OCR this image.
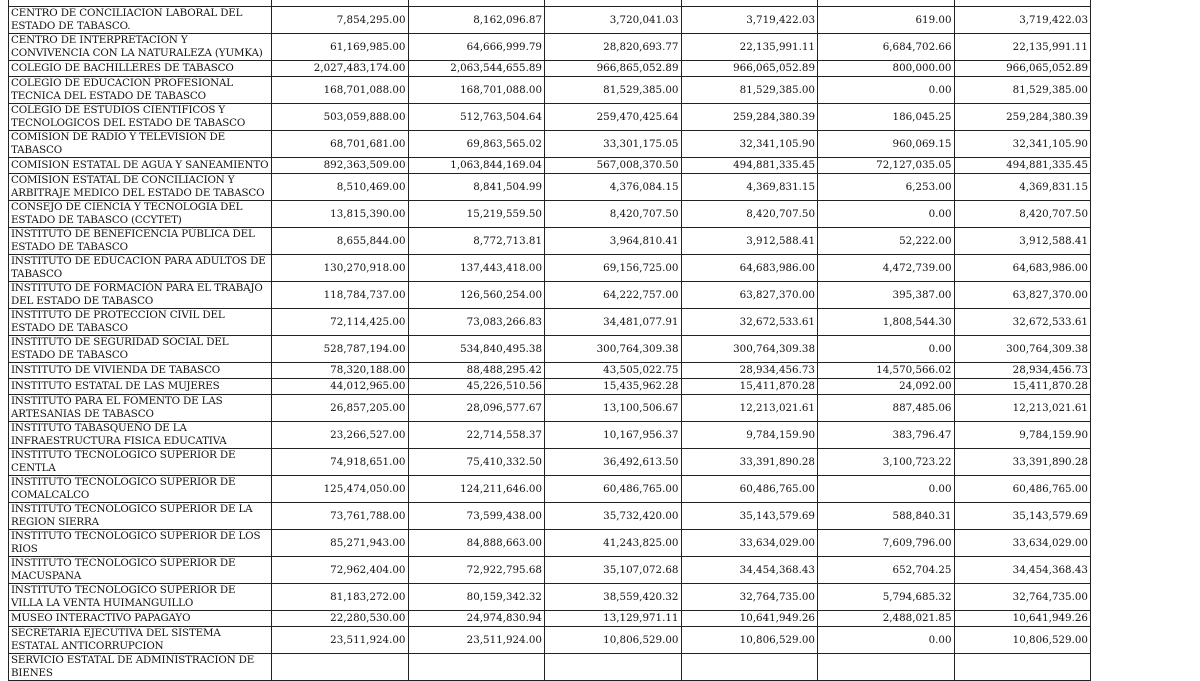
CENTRO DE CONCILIACION LABORAL DEL ESTADO DE TABASCO.	7,854,295.00	8,162,096.87	3,720,041.03	3,719,422.03	619.00	3,719,422.03
CENTRO DE INTERPRETACION Y CONVIVENCIA CON LA NATURALEZA (YUMKA)	61,169,985.00	64,666,999.79	28,820,693.77	22,135,991.11	6,684,702.66	22,135,991.11
COLEGIO DE BACHILLERES DE TABASCO	2,027,483,174.00	2,063,544,655.89	966,865,052.89	966,065,052.89	800,000.00	966,065,052.89
COLEGIO DE EDUCACION PROFESIONAL TECNICA DEL ESTADO DE TABASCO	168,701,088.00	168,701,088.00	81,529,385.00	81,529,385.00	0.00	81,529,385.00
COLEGIO DE ESTUDIOS CIENTIFICOS Y TECNOLOGICOS DEL ESTADO DE TABASCO	503,059,888.00	512,763,504.64	259,470,425.64	259,284,380.39	186,045.25	259,284,380.39
COMISION DE RADIO Y TELEVISION DE TABASCO	68,701,681.00	69,863,565.02	33,301,175.05	32,341,105.90	960,069.15	32,341,105.90
COMISION ESTATAL DE AGUA Y SANEAMIENTO	892,363,509.00	1,063,844,169.04	567,008,370.50	494,881,335.45	72,127,035.05	494,881,335.45
COMISION ESTATAL DE CONCILIACION Y ARBITRAJE MEDICO DEL ESTADO DE TABASCO	8,510,469.00	8,841,504.99	4,376,084.15	4,369,831.15	6,253.00	4,369,831.15
CONSEJO DE CIENCIA Y TECNOLOGIA DEL ESTADO DE TABASCO (CCYTET)	13,815,390.00	15,219,559.50	8,420,707.50	8,420,707.50	0.00	8,420,707.50
INSTITUTO DE BENEFICENCIA PÚBLICA DEL ESTADO DE TABASCO	8,655,844.00	8,772,713.81	3,964,810.41	3,912,588.41	52,222.00	3,912,588.41
INSTITUTO DE EDUCACION PARA ADULTOS DE TABASCO	130,270,918.00	137,443,418.00	69,156,725.00	64,683,986.00	4,472,739.00	64,683,986.00
INSTITUTO DE FORMACIÓN PARA EL TRABAJO DEL ESTADO DE TABASCO	118,784,737.00	126,560,254.00	64,222,757.00	63,827,370.00	395,387.00	63,827,370.00
INSTITUTO DE PROTECCION CIVIL DEL ESTADO DE TABASCO	72,114,425.00	73,083,266.83	34,481,077.91	32,672,533.61	1,808,544.30	32,672,533.61
INSTITUTO DE SEGURIDAD SOCIAL DEL ESTADO DE TABASCO	528,787,194.00	534,840,495.38	300,764,309.38	300,764,309.38	0.00	300,764,309.38
INSTITUTO DE VIVIENDA DE TABASCO	78,320,188.00	88,488,295.42	43,505,022.75	28,934,456.73	14,570,566.02	28,934,456.73
INSTITUTO ESTATAL DE LAS MUJERES	44,012,965.00	45,226,510.56	15,435,962.28	15,411,870.28	24,092.00	15,411,870.28
INSTITUTO PARA EL FOMENTO DE LAS ARTESANIAS DE TABASCO	26,857,205.00	28,096,577.67	13,100,506.67	12,213,021.61	887,485.06	12,213,021.61
INSTITUTO TABASQUEÑO DE LA INFRAESTRUCTURA FISICA EDUCATIVA	23,266,527.00	22,714,558.37	10,167,956.37	9,784,159.90	383,796.47	9,784,159.90
INSTITUTO TECNOLOGICO SUPERIOR DE CENTLA	74,918,651.00	75,410,332.50	36,492,613.50	33,391,890.28	3,100,723.22	33,391,890.28
INSTITUTO TECNOLOGICO SUPERIOR DE COMALCALCO	125,474,050.00	124,211,646.00	60,486,765.00	60,486,765.00	0.00	60,486,765.00
INSTITUTO TECNOLOGICO SUPERIOR DE LA REGION SIERRA	73,761,788.00	73,599,438.00	35,732,420.00	35,143,579.69	588,840.31	35,143,579.69
INSTITUTO TECNOLOGICO SUPERIOR DE LOS RIOS	85,271,943.00	84,888,663.00	41,243,825.00	33,634,029.00	7,609,796.00	33,634,029.00
INSTITUTO TECNOLOGICO SUPERIOR DE MACUSPANA	72,962,404.00	72,922,795.68	35,107,072.68	34,454,368.43	652,704.25	34,454,368.43
INSTITUTO TECNOLOGICO SUPERIOR DE VILLA LA VENTA HUIMANGUILLO	81,183,272.00	80,159,342.32	38,559,420.32	32,764,735.00	5,794,685.32	32,764,735.00
MUSEO INTERACTIVO PAPAGAYO	22,280,530.00	24,974,830.94	13,129,971.11	10,641,949.26	2,488,021.85	10,641,949.26
SECRETARIA EJECUTIVA DEL SISTEMA ESTATAL ANTICORRUPCION	23,511,924.00	23,511,924.00	10,806,529.00	10,806,529.00	0.00	10,806,529.00
SERVICIO ESTATAL DE ADMINISTRACION DE BIENES						
